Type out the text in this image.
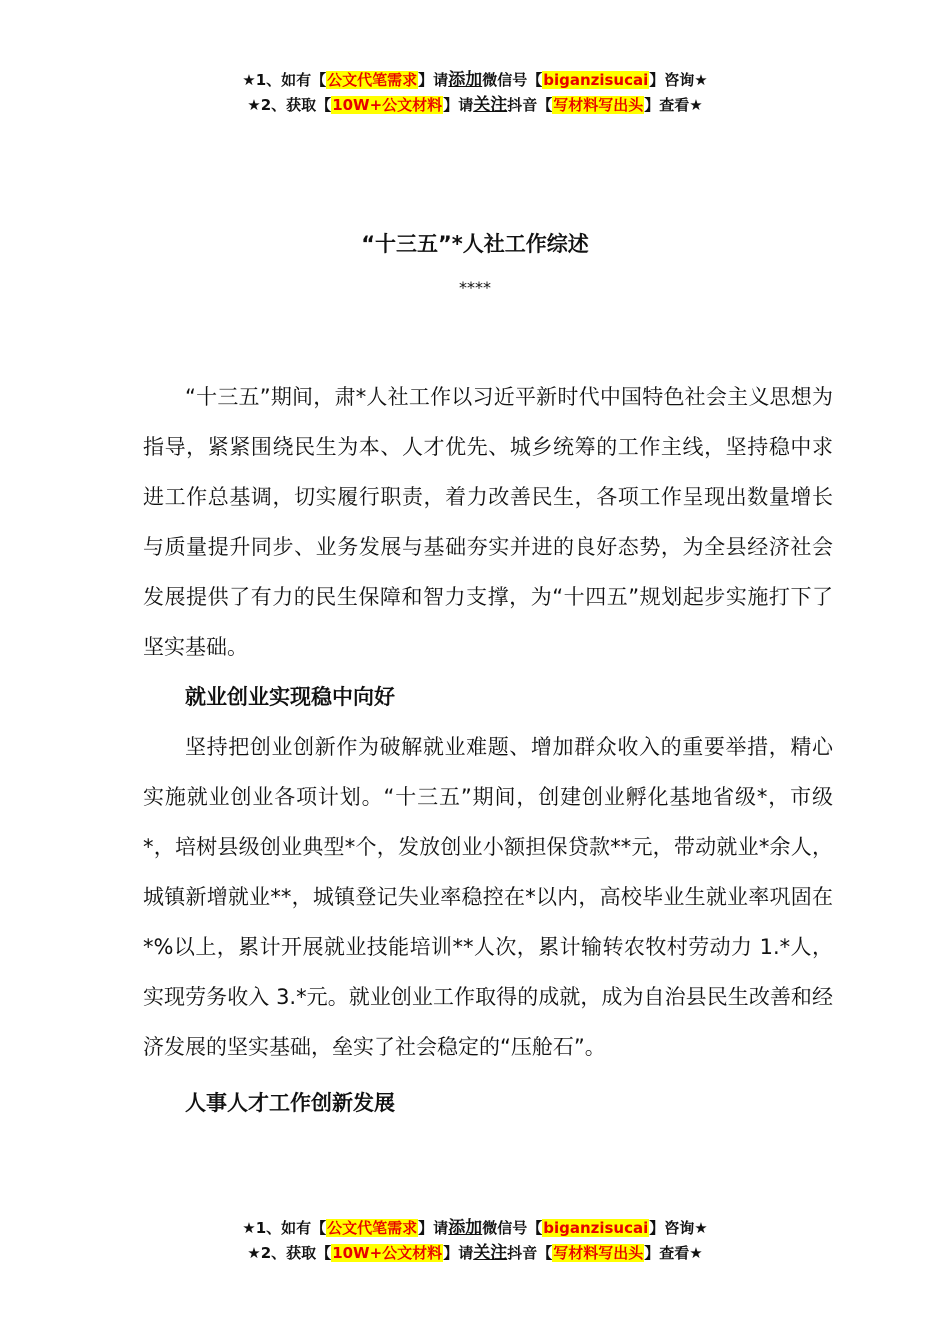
★1、如有【公文代笔需求】请添加微信号【biganzisucai】咨询★
★2、获取【10W+公文材料】请关注抖音【写材料写出头】查看★
“十三五”*人社工作综述
****

“十三五”期间，肃*人社工作以习近平新时代中国特色社会主义思想为指导，紧紧围绕民生为本、人才优先、城乡统筹的工作主线，坚持稳中求进工作总基调，切实履行职责，着力改善民生，各项工作呈现出数量增长与质量提升同步、业务发展与基础夯实并进的良好态势，为全县经济社会发展提供了有力的民生保障和智力支撑，为“十四五”规划起步实施打下了坚实基础。

就业创业实现稳中向好

坚持把创业创新作为破解就业难题、增加群众收入的重要举措，精心实施就业创业各项计划。“十三五”期间，创建创业孵化基地省级*，市级*，培树县级创业典型*个，发放创业小额担保贷款**元，带动就业*余人，城镇新增就业**，城镇登记失业率稳控在*以内，高校毕业生就业率巩固在*%以上，累计开展就业技能培训**人次，累计输转农牧村劳动力 1.*人，实现劳务收入 3.*元。就业创业工作取得的成就，成为自治县民生改善和经济发展的坚实基础，垒实了社会稳定的“压舱石”。

人事人才工作创新发展

★1、如有【公文代笔需求】请添加微信号【biganzisucai】咨询★
★2、获取【10W+公文材料】请关注抖音【写材料写出头】查看★
